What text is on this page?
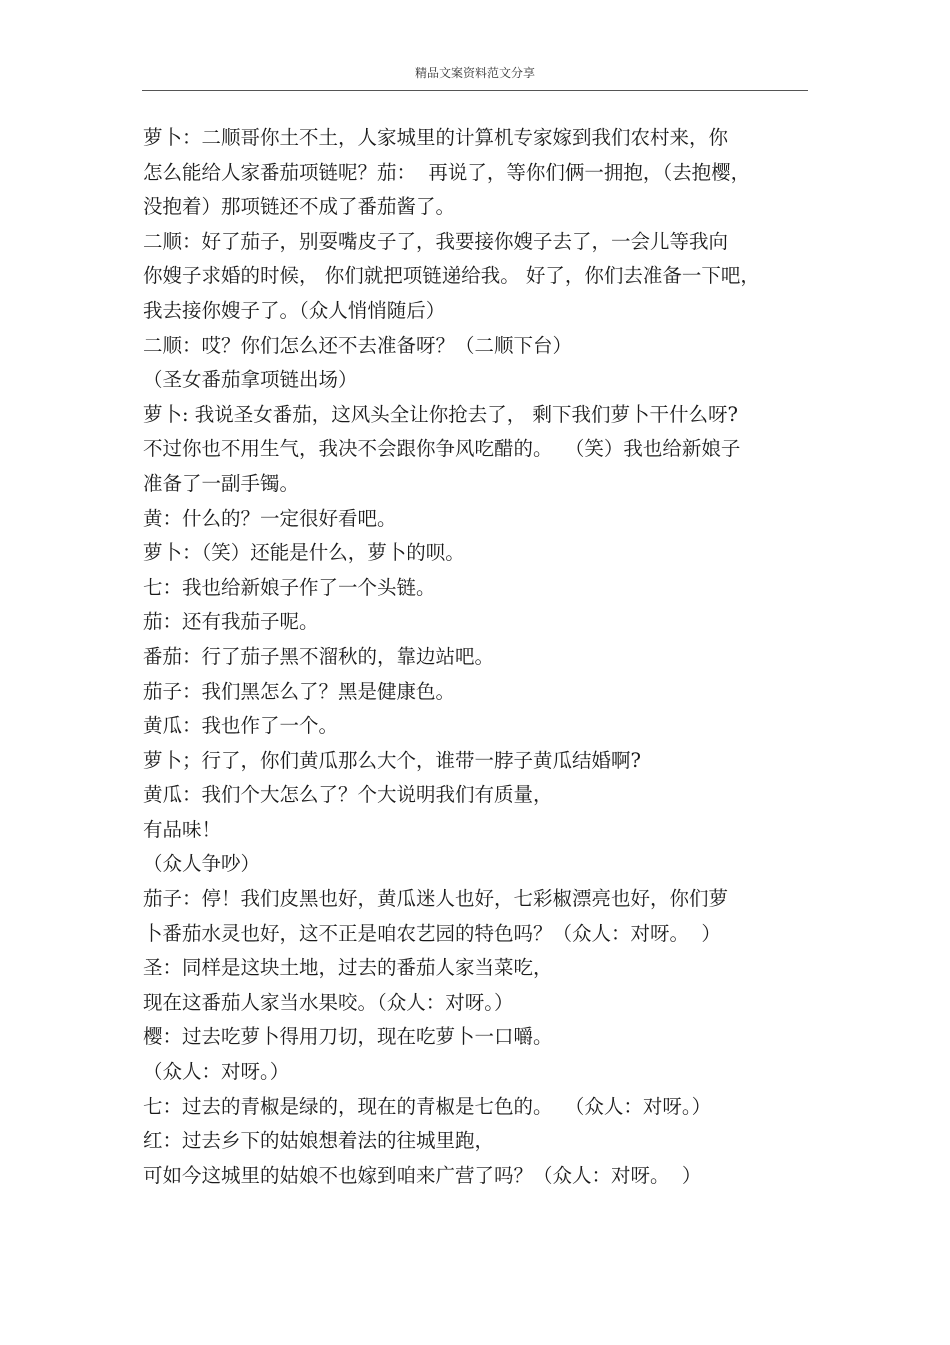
精品文案资料范文分享
萝卜：二顺哥你土不土，人家城里的计算机专家嫁到我们农村来，你
怎么能给人家番茄项链呢？茄：  再说了，等你们俩一拥抱，（去抱樱，
没抱着）那项链还不成了番茄酱了。
二顺：好了茄子，别耍嘴皮子了，我要接你嫂子去了，一会儿等我向
你嫂子求婚的时候， 你们就把项链递给我。 好了，你们去准备一下吧，
我去接你嫂子了。（众人悄悄随后）
二顺：哎？你们怎么还不去准备呀？（二顺下台）
（圣女番茄拿项链出场）
萝卜: 我说圣女番茄，这风头全让你抢去了， 剩下我们萝卜干什么呀?
不过你也不用生气，我决不会跟你争风吃醋的。  （笑）我也给新娘子
准备了一副手镯。
黄：什么的？一定很好看吧。
萝卜：（笑）还能是什么，萝卜的呗。
七：我也给新娘子作了一个头链。
茄：还有我茄子呢。
番茄：行了茄子黑不溜秋的，靠边站吧。
茄子：我们黑怎么了？黑是健康色。
黄瓜：我也作了一个。
萝卜；行了，你们黄瓜那么大个，谁带一脖子黄瓜结婚啊?
黄瓜：我们个大怎么了？个大说明我们有质量，
有品味！
（众人争吵）
茄子：停！我们皮黑也好，黄瓜迷人也好，七彩椒漂亮也好，你们萝
卜番茄水灵也好，这不正是咱农艺园的特色吗？（众人：对呀。  ）
圣：同样是这块土地，过去的番茄人家当菜吃，
现在这番茄人家当水果咬。（众人：对呀。）
樱：过去吃萝卜得用刀切，现在吃萝卜一口嚼。
（众人：对呀。）
七：过去的青椒是绿的，现在的青椒是七色的。  （众人：对呀。）
红：过去乡下的姑娘想着法的往城里跑，
可如今这城里的姑娘不也嫁到咱来广营了吗？（众人：对呀。  ）
